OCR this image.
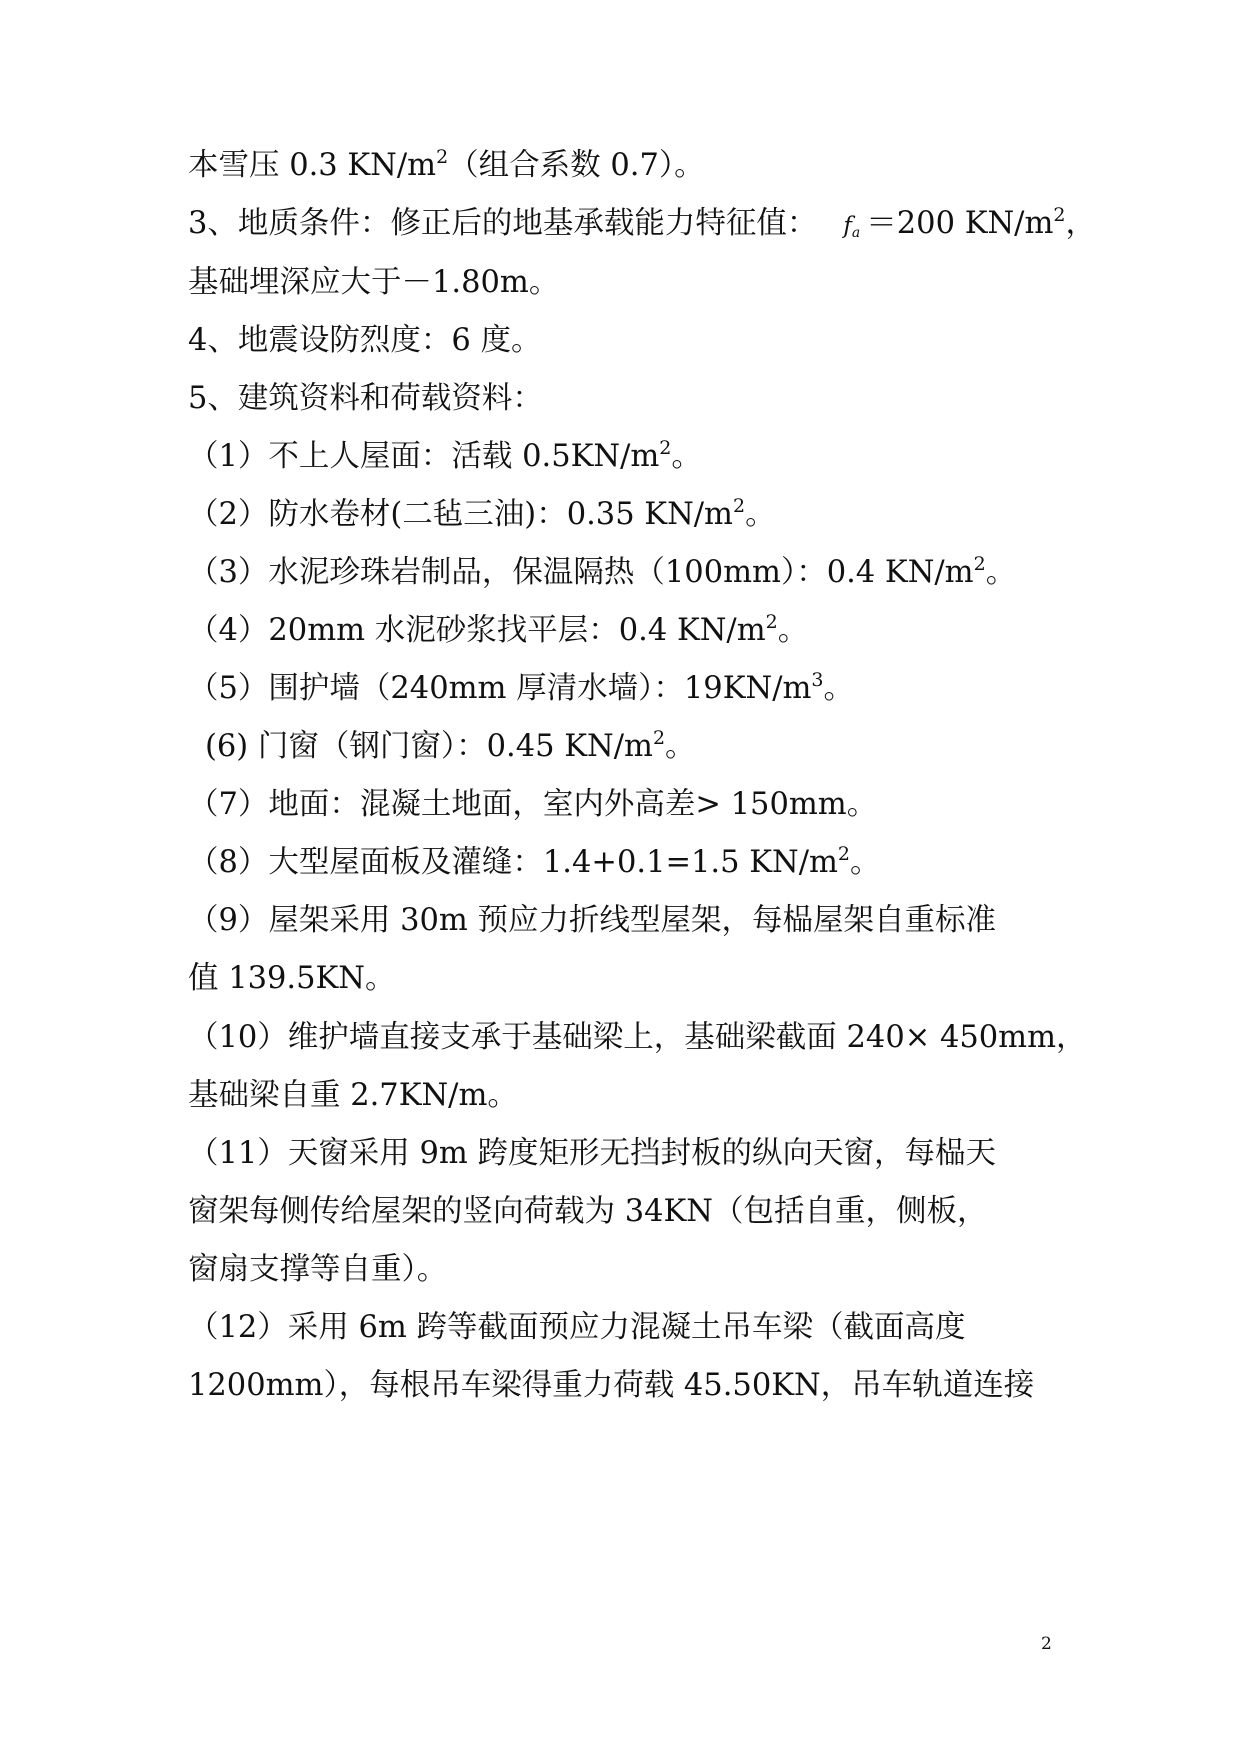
本雪压 0.3 $KN/m^2$（组合系数 0.7）。
3、地质条件：修正后的地基承载能力特征值： $f_a =200$ $KN/m^2$，
基础埋深应大于－1.80m。
4、地震设防烈度：6 度。
5、建筑资料和荷载资料：
（1）不上人屋面：活载 $0.5KN/m^2$。
（2）防水卷材(二毡三油)：0.35 $KN/m^2$。
（3）水泥珍珠岩制品，保温隔热（100mm）：0.4 $KN/m^2$。
（4）20mm 水泥砂浆找平层：0.4 $KN/m^2$。
（5）围护墙（240mm 厚清水墙）：$19KN/m^3$。
(6) 门窗（钢门窗）：0.45 $KN/m^2$。
（7）地面：混凝土地面，室内外高差> 150mm。
（8）大型屋面板及灌缝：1.4+0.1=1.5 $KN/m^2$。
（9）屋架采用 30m 预应力折线型屋架，每榀屋架自重标准
值 139.5KN。
（10）维护墙直接支承于基础梁上，基础梁截面 240× 450mm，
基础梁自重 2.7KN/m。
（11）天窗采用 9m 跨度矩形无挡封板的纵向天窗，每榀天
窗架每侧传给屋架的竖向荷载为 34KN（包括自重，侧板，
窗扇支撑等自重）。
（12）采用 6m 跨等截面预应力混凝土吊车梁（截面高度
1200mm），每根吊车梁得重力荷载 45.50KN，吊车轨道连接
2
